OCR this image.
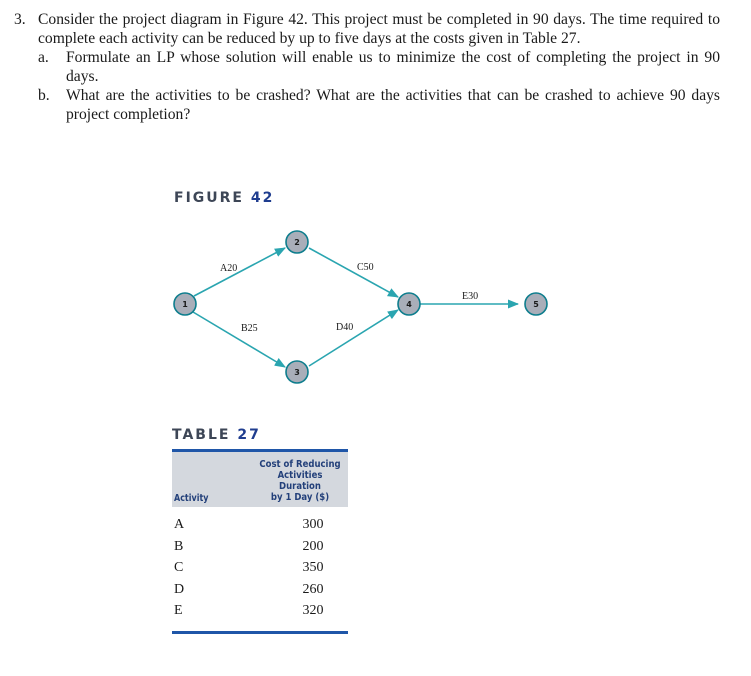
3. Consider the project diagram in Figure 42. This project must be completed in 90 days. The time required to complete each activity can be reduced by up to five days at the costs given in Table 27.
a.	Formulate an LP whose solution will enable us to minimize the cost of completing the project in 90 days.
b.	What are the activities to be crashed? What are the activities that can be crashed to achieve 90 days project completion?
FIGURE 42
A20
B25
C50
D40
E30
1
2
3
4	5
TABLE 27
Cost of Reducing
Activities Duration
by 1 Day ($)
Activity
A	300
B	200
C	350
D	260
E	320
